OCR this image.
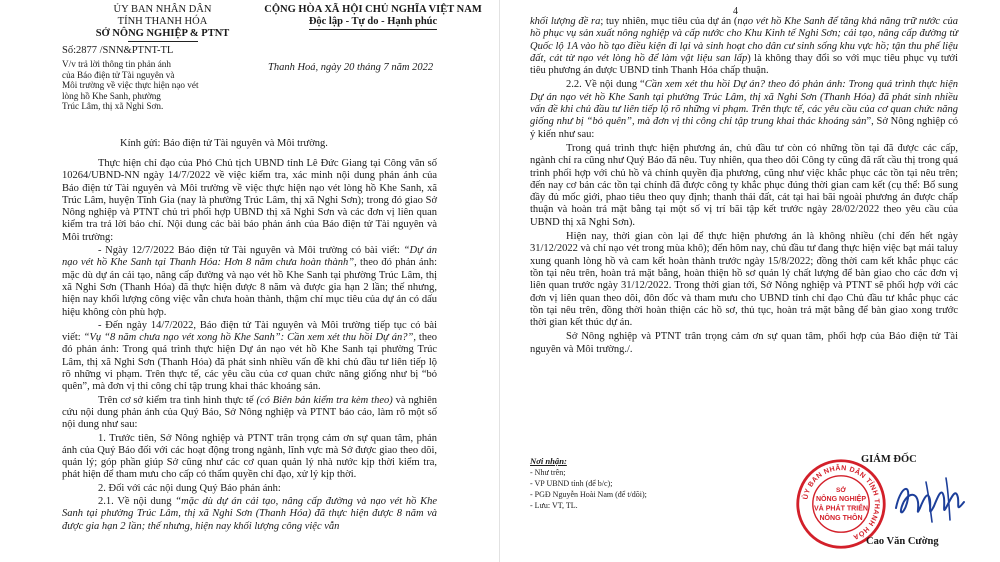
ỦY BAN NHÂN DÂN
TỈNH THANH HÓA
SỞ NÔNG NGHIỆP & PTNT
Số:2877 /SNN&PTNT-TL
V/v trả lời thông tin phản ánh
của Báo điện tử Tài nguyên và
Môi trường về việc thực hiện nạo vét
lòng hồ Khe Sanh, phường
Trúc Lâm, thị xã Nghi Sơn.
CỘNG HÒA XÃ HỘI CHỦ NGHĨA VIỆT NAM
Độc lập - Tự do - Hạnh phúc
Thanh Hoá, ngày 20 tháng 7 năm 2022
Kính gửi: Báo điện tử Tài nguyên và Môi trường.

Thực hiện chỉ đạo của Phó Chủ tịch UBND tỉnh Lê Đức Giang tại Công văn số 10264/UBND-NN ngày 14/7/2022 về việc kiểm tra, xác minh nội dung phản ánh của Báo điện tử Tài nguyên và Môi trường về việc thực hiện nạo vét lòng hồ Khe Sanh, xã Trúc Lâm, huyện Tĩnh Gia (nay là phường Trúc Lâm, thị xã Nghi Sơn); trong đó giao Sở Nông nghiệp và PTNT chủ trì phối hợp UBND thị xã Nghi Sơn và các đơn vị liên quan kiểm tra trả lời báo chí. Nội dung các bài báo phản ánh của Báo điện tử Tài nguyên và Môi trường:

- Ngày 12/7/2022 Báo điện tử Tài nguyên và Môi trường có bài viết: “Dự án nạo vét hồ Khe Sanh tại Thanh Hóa: Hơn 8 năm chưa hoàn thành”, theo đó phản ánh: mặc dù dự án cải tạo, nâng cấp đường và nạo vét hồ Khe Sanh tại phường Trúc Lâm, thị xã Nghi Sơn (Thanh Hóa) đã thực hiện được 8 năm và được gia hạn 2 lần; thế nhưng, hiện nay khối lượng công việc vẫn chưa hoàn thành, thậm chí mục tiêu của dự án có dấu hiệu không còn phù hợp.

- Đến ngày 14/7/2022, Báo điện tử Tài nguyên và Môi trường tiếp tục có bài viết: “Vụ “8 năm chưa nạo vét xong hồ Khe Sanh”: Cần xem xét thu hồi Dự án?”, theo đó phản ánh: Trong quá trình thực hiện Dự án nạo vét hồ Khe Sanh tại phường Trúc Lâm, thị xã Nghi Sơn (Thanh Hóa) đã phát sinh nhiều vấn đề khi chủ đầu tư liên tiếp lộ rõ những vi phạm. Trên thực tế, các yêu cầu của cơ quan chức năng giống như bị “bỏ quên”, mà đơn vị thi công chỉ tập trung khai thác khoáng sản.

Trên cơ sở kiểm tra tình hình thực tế (có Biên bản kiểm tra kèm theo) và nghiên cứu nội dung phản ánh của Quý Báo, Sở Nông nghiệp và PTNT báo cáo, làm rõ một số nội dung như sau:

1. Trước tiên, Sở Nông nghiệp và PTNT trân trọng cảm ơn sự quan tâm, phản ánh của Quý Báo đối với các hoạt động trong ngành, lĩnh vực mà Sở được giao theo dõi, quản lý; góp phần giúp Sở cũng như các cơ quan quản lý nhà nước kịp thời kiểm tra, phát hiện để tham mưu cho cấp có thẩm quyền chỉ đạo, xử lý kịp thời.

2. Đối với các nội dung Quý Báo phản ánh:

2.1. Về nội dung “mặc dù dự án cải tạo, nâng cấp đường và nạo vét hồ Khe Sanh tại phường Trúc Lâm, thị xã Nghi Sơn (Thanh Hóa) đã thực hiện được 8 năm và được gia hạn 2 lần; thế nhưng, hiện nay khối lượng công việc vẫn

4

khối lượng đề ra; tuy nhiên, mục tiêu của dự án (nạo vét hồ Khe Sanh để tăng khả năng trữ nước của hồ phục vụ sản xuất nông nghiệp và cấp nước cho Khu Kinh tế Nghi Sơn; cải tạo, nâng cấp đường từ Quốc lộ 1A vào hồ tạo điều kiện đi lại và sinh hoạt cho dân cư sinh sống khu vực hồ; tận thu phế liệu đất, cát từ nạo vét lòng hồ để làm vật liệu san lấp) là không thay đổi so với mục tiêu phục vụ tưới tiêu phương án được UBND tỉnh Thanh Hóa chấp thuận.

2.2. Về nội dung “Cần xem xét thu hồi Dự án? theo đó phản ánh: Trong quá trình thực hiện Dự án nạo vét hồ Khe Sanh tại phường Trúc Lâm, thị xã Nghi Sơn (Thanh Hóa) đã phát sinh nhiều vấn đề khi chủ đầu tư liên tiếp lộ rõ những vi phạm. Trên thực tế, các yêu cầu của cơ quan chức năng giống như bị “bỏ quên”, mà đơn vị thi công chỉ tập trung khai thác khoáng sản”, Sở Nông nghiệp có ý kiến như sau:

Trong quá trình thực hiện phương án, chủ đầu tư còn có những tồn tại đã được các cấp, ngành chỉ ra cũng như Quý Báo đã nêu. Tuy nhiên, qua theo dõi Công ty cũng đã rất cầu thị trong quá trình phối hợp với chủ hồ và chính quyền địa phương, cũng như việc khắc phục các tồn tại nêu trên; đến nay cơ bản các tồn tại chính đã được công ty khắc phục đúng thời gian cam kết (cụ thể: Bổ sung đầy đủ mốc giới, phao tiêu theo quy định; thanh thải đất, cát tại hai bãi ngoài phương án được chấp thuận và hoàn trả mặt bằng tại một số vị trí bãi tập kết trước ngày 28/02/2022 theo yêu cầu của UBND thị xã Nghi Sơn).

Hiện nay, thời gian còn lại để thực hiện phương án là không nhiều (chỉ đến hết ngày 31/12/2022 và chỉ nạo vét trong mùa khô); đến hôm nay, chủ đầu tư đang thực hiện việc bạt mái taluy xung quanh lòng hồ và cam kết hoàn thành trước ngày 15/8/2022; đồng thời cam kết khắc phục các tồn tại nêu trên, hoàn trả mặt bằng, hoàn thiện hồ sơ quản lý chất lượng để bàn giao cho các đơn vị liên quan trước ngày 31/12/2022. Trong thời gian tới, Sở Nông nghiệp và PTNT sẽ phối hợp với các đơn vị liên quan theo dõi, đôn đốc và tham mưu cho UBND tỉnh chỉ đạo Chủ đầu tư khắc phục các tồn tại nêu trên, đồng thời hoàn thiện các hồ sơ, thủ tục, hoàn trả mặt bằng để bàn giao xong trước thời gian kết thúc dự án.

Sở Nông nghiệp và PTNT trân trọng cảm ơn sự quan tâm, phối hợp của Báo điện tử Tài nguyên và Môi trường./.

Nơi nhận:
- Như trên;
- VP UBND tỉnh (để b/c);
- PGĐ Nguyễn Hoài Nam (để t/dõi);
- Lưu: VT, TL.
GIÁM ĐỐC
ỦY BAN NHÂN DÂN TỈNH THANH HÓA
SỞ
NÔNG NGHIỆP
VÀ PHÁT TRIỂN
NÔNG THÔN
Cao Văn Cường
